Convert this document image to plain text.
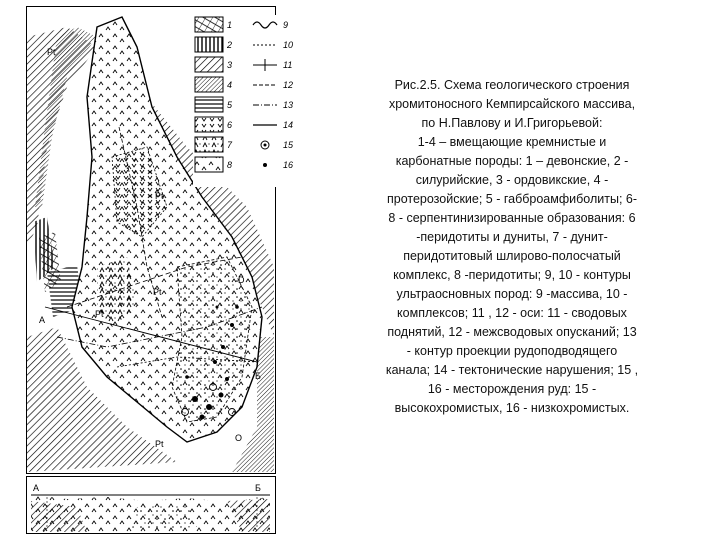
Pt
Pt
Pt
Pt
Pt
D
O
А
Б
1
2
3
4
5
6
7
8
9
10
11
12
13
14
15
16
А	Б
Рис.2.5. Схема геологического строения
хромитоносного Кемпирсайского массива,
по Н.Павлову и И.Григорьевой:
1-4 – вмещающие кремнистые и
карбонатные породы: 1 – девонские, 2 -
силурийские, 3 - ордовикские, 4 -
протерозойские; 5 - габброамфиболиты; 6-
8 - серпентинизированные образования: 6
-перидотиты и дуниты, 7 - дунит-
перидотитовый шлирово-полосчатый
комплекс, 8 -перидотиты; 9, 10 - контуры
ультраосновных пород: 9 -массива, 10 -
комплексов; 11 , 12 - оси: 11 - сводовых
поднятий, 12 - межсводовых опусканий; 13
- контур проекции рудоподводящего
канала; 14 - тектонические нарушения; 15 ,
16 - месторождения руд: 15 -
высокохромистых, 16 - низкохромистых.
